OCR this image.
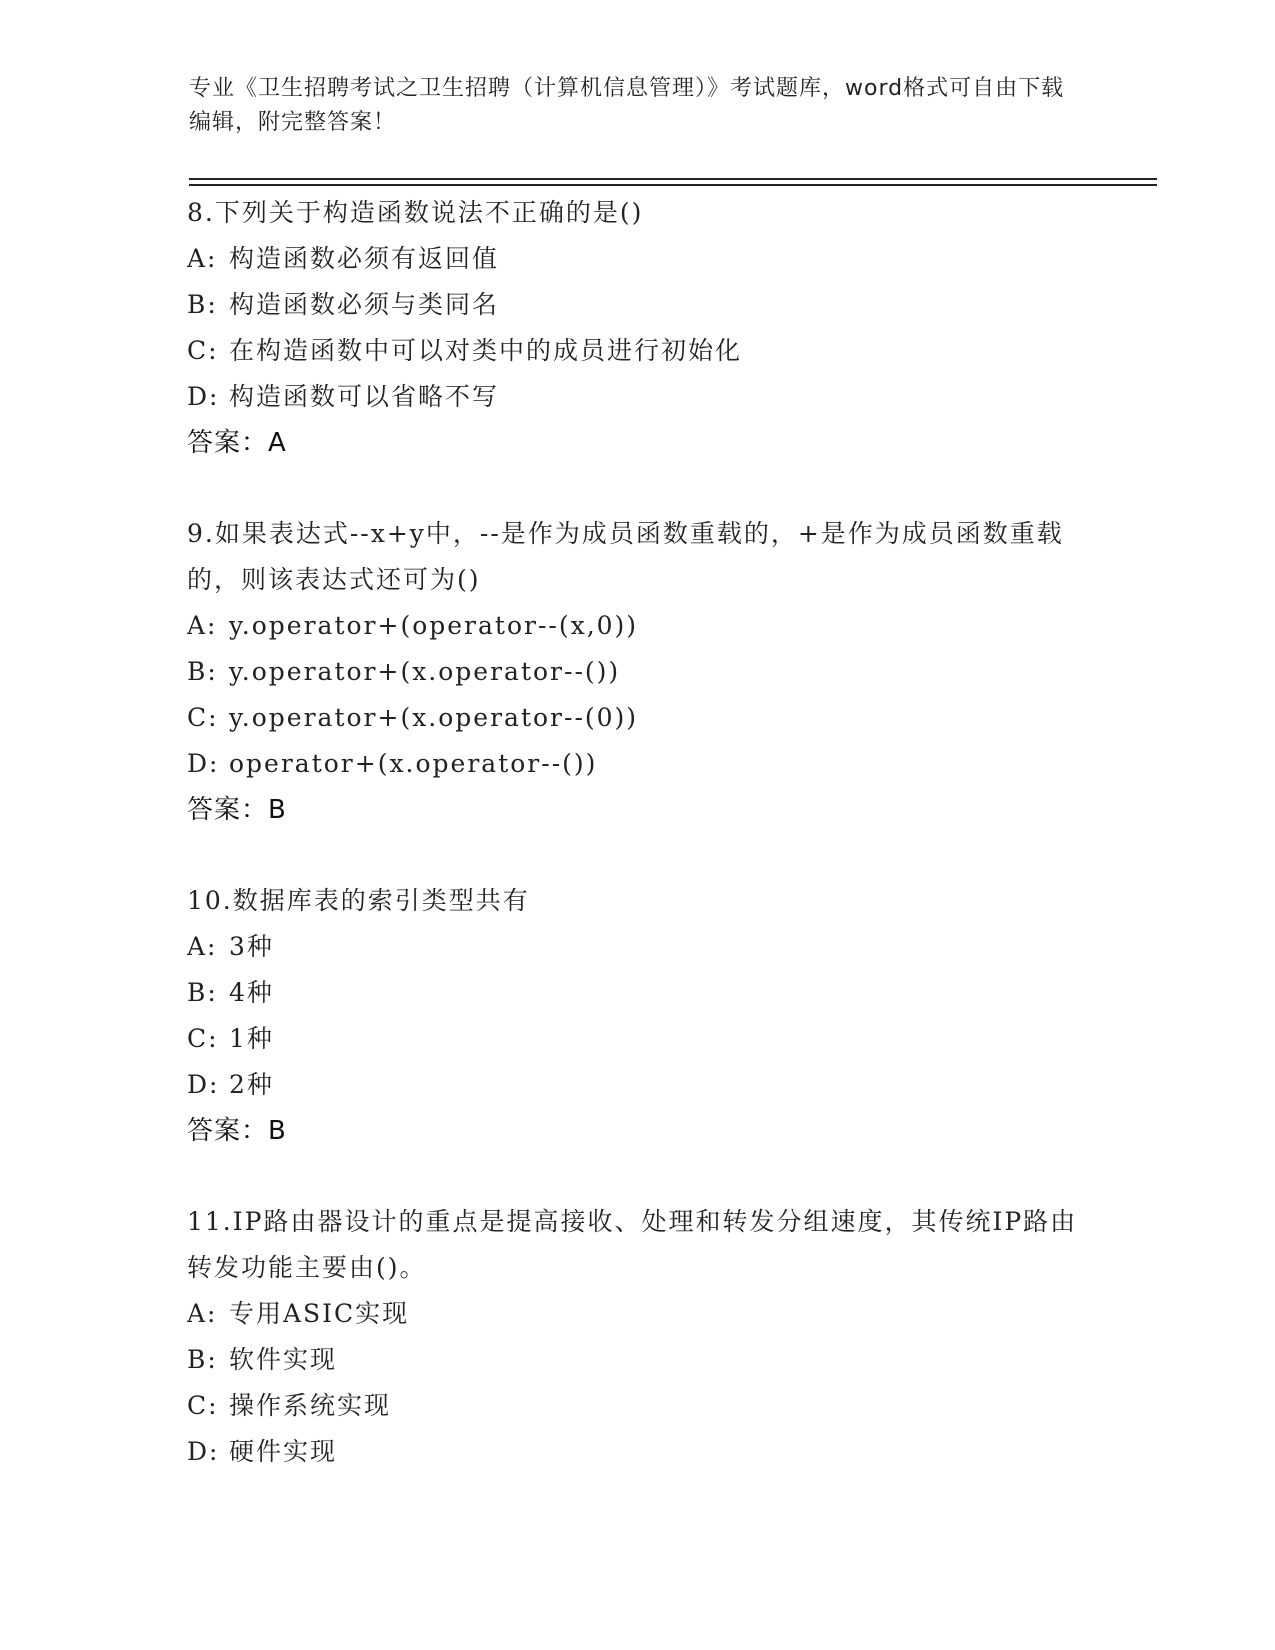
专业《卫生招聘考试之卫生招聘（计算机信息管理）》考试题库，word格式可自由下载编辑，附完整答案！
8.下列关于构造函数说法不正确的是()
A: 构造函数必须有返回值
B: 构造函数必须与类同名
C: 在构造函数中可以对类中的成员进行初始化
D: 构造函数可以省略不写
答案：A
9.如果表达式--x+y中，--是作为成员函数重载的，+是作为成员函数重载的，则该表达式还可为()
A: y.operator+(operator--(x,0))
B: y.operator+(x.operator--())
C: y.operator+(x.operator--(0))
D: operator+(x.operator--())
答案：B
10.数据库表的索引类型共有
A: 3种
B: 4种
C: 1种
D: 2种
答案：B
11.IP路由器设计的重点是提高接收、处理和转发分组速度，其传统IP路由转发功能主要由()。
A: 专用ASIC实现
B: 软件实现
C: 操作系统实现
D: 硬件实现
